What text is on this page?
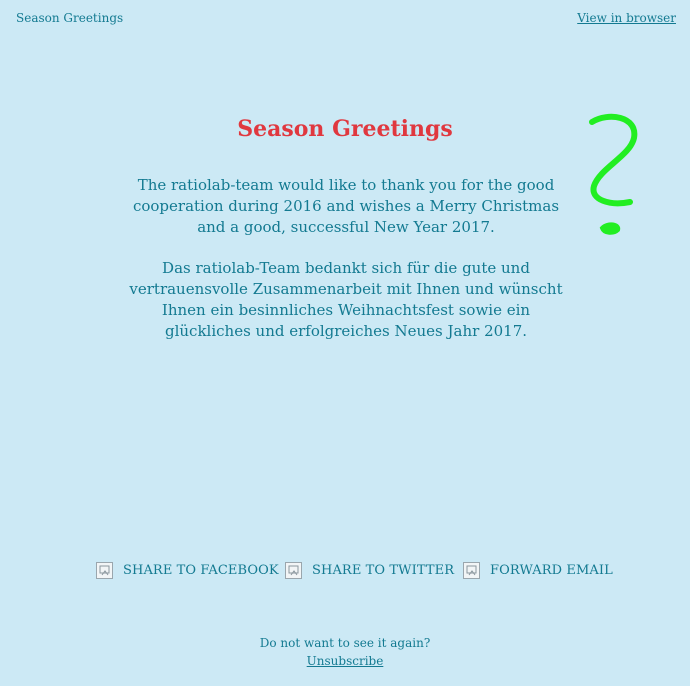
Season Greetings	View in browser
Season Greetings
The ratiolab-team would like to thank you for the good cooperation during 2016 and wishes a Merry Christmas and a good, successful New Year 2017.
Das ratiolab-Team bedankt sich für die gute und vertrauensvolle Zusammenarbeit mit Ihnen und wünscht Ihnen ein besinnliches Weihnachtsfest sowie ein glückliches und erfolgreiches Neues Jahr 2017.
SHARE TO FACEBOOK	SHARE TO TWITTER	FORWARD EMAIL
Do not want to see it again?
Unsubscribe
